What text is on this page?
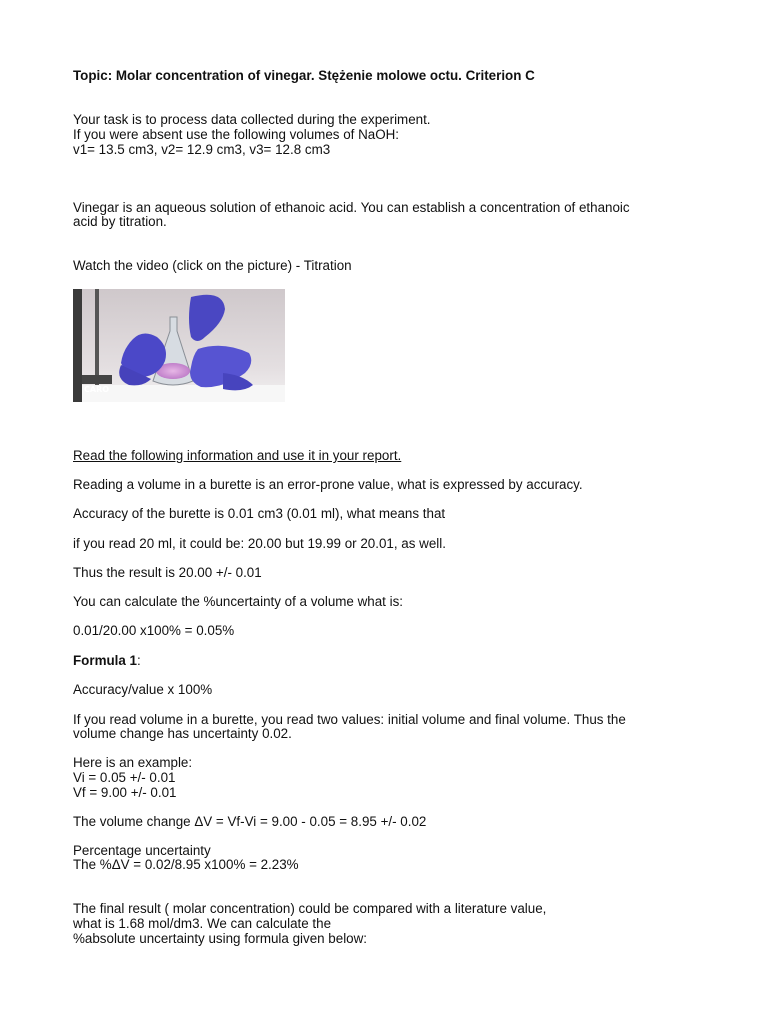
Topic: Molar concentration of vinegar. Stężenie molowe octu. Criterion C
Your task is to process data collected during the experiment.
If you were absent use the following volumes of NaOH:
v1= 13.5 cm3, v2= 12.9 cm3, v3= 12.8 cm3
Vinegar is an aqueous solution of ethanoic acid. You can establish a concentration of ethanoic
acid by titration.
Watch the video (click on the picture) - Titration
CARO
Read the following information and use it in your report.
Reading a volume in a burette is an error-prone value, what is expressed by accuracy.
Accuracy of the burette is 0.01 cm3 (0.01 ml), what means that
if you read 20 ml, it could be: 20.00 but 19.99 or 20.01, as well.
Thus the result is 20.00 +/- 0.01
You can calculate the %uncertainty of a volume what is:
0.01/20.00 x100% = 0.05%
Formula 1:
Accuracy/value x 100%
If you read volume in a burette, you read two values: initial volume and final volume. Thus the
volume change has uncertainty 0.02.
Here is an example:
Vi = 0.05 +/- 0.01
Vf = 9.00 +/- 0.01
The volume change ΔV = Vf-Vi = 9.00 - 0.05 = 8.95 +/- 0.02
Percentage uncertainty
The %ΔV = 0.02/8.95 x100% = 2.23%
The final result ( molar concentration) could be compared with a literature value,
what is 1.68 mol/dm3. We can calculate the
%absolute uncertainty using formula given below:
